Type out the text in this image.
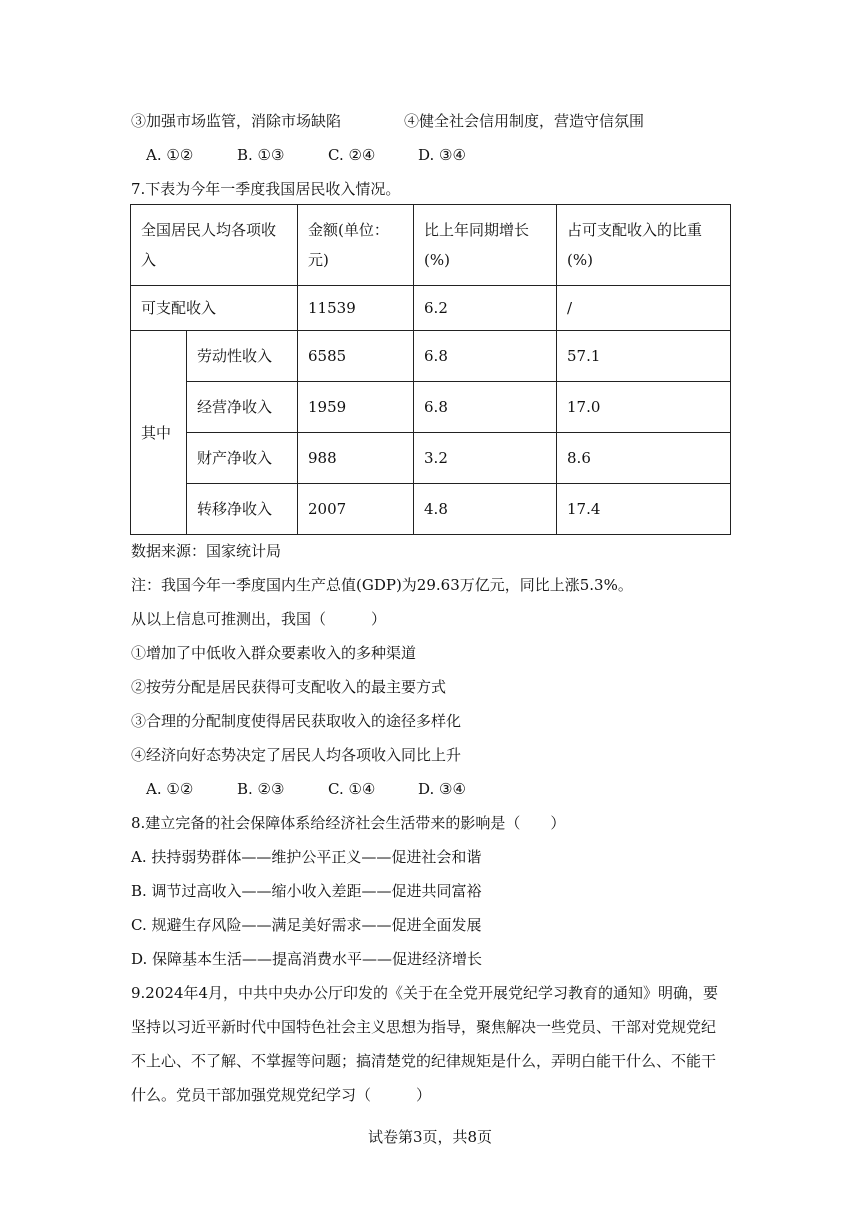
③加强市场监管，消除市场缺陷	④健全社会信用制度，营造守信氛围
A. ①②	B. ①③	C. ②④	D. ③④
7.下表为今年一季度我国居民收入情况。
全国居民人均各项收入		金额(单位：元)	比上年同期增长(%)	占可支配收入的比重(%)
可支配收入		11539	6.2	/
其中	劳动性收入	6585	6.8	57.1
	经营净收入	1959	6.8	17.0
	财产净收入	988	3.2	8.6
	转移净收入	2007	4.8	17.4
数据来源：国家统计局
注：我国今年一季度国内生产总值(GDP)为29.63万亿元，同比上涨5.3%。
从以上信息可推测出，我国（　　　）
①增加了中低收入群众要素收入的多种渠道
②按劳分配是居民获得可支配收入的最主要方式
③合理的分配制度使得居民获取收入的途径多样化
④经济向好态势决定了居民人均各项收入同比上升
A. ①②	B. ②③	C. ①④	D. ③④
8.建立完备的社会保障体系给经济社会生活带来的影响是（　　）
A. 扶持弱势群体——维护公平正义——促进社会和谐
B. 调节过高收入——缩小收入差距——促进共同富裕
C. 规避生存风险——满足美好需求——促进全面发展
D. 保障基本生活——提高消费水平——促进经济增长
9.2024年4月，中共中央办公厅印发的《关于在全党开展党纪学习教育的通知》明确，要
坚持以习近平新时代中国特色社会主义思想为指导，聚焦解决一些党员、干部对党规党纪
不上心、不了解、不掌握等问题；搞清楚党的纪律规矩是什么，弄明白能干什么、不能干
什么。党员干部加强党规党纪学习（　　　）
试卷第3页，共8页
